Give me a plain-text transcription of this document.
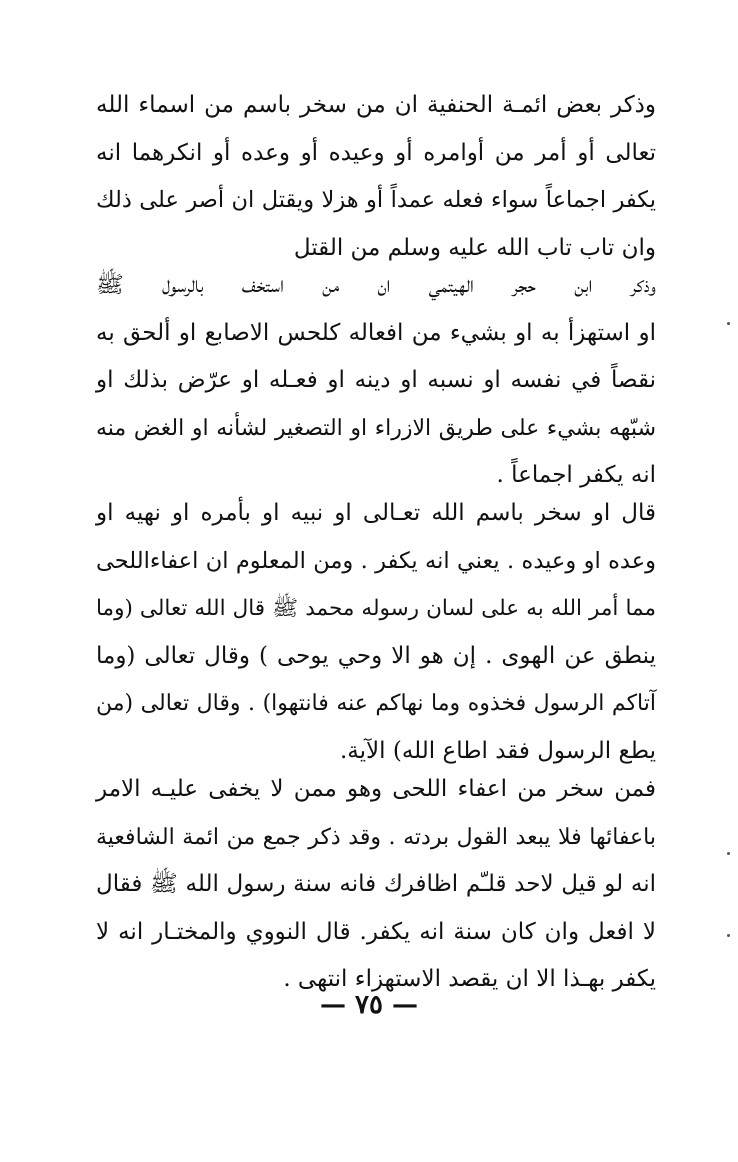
وذكر بعض ائمـة الحنفية ان من سخر باسم من اسماء الله
تعالى أو أمر من أوامره أو وعيده أو وعده أو انكرهما انه
يكفر اجماعاً سواء فعله عمداً أو هزلا ويقتل ان أصر على ذلك
وان تاب تاب الله عليه وسلم من القتل

وذكر ابن حجر الهيتمي ان من استخف بالرسول ﷺ
او استهزأ به او بشيء من افعاله كلحس الاصابع او ألحق به
نقصاً في نفسه او نسبه او دينه او فعـله او عرّض بذلك او
شبّهه بشيء على طريق الازراء او التصغير لشأنه او الغض منه
انه يكفر اجماعاً .

قال او سخر باسم الله تعـالى او نبيه او بأمره او نهيه او
وعده او وعيده . يعني انه يكفر . ومن المعلوم ان اعفاءاللحى
مما أمر الله به على لسان رسوله محمد ﷺ قال الله تعالى (وما
ينطق عن الهوى . إن هو الا وحي يوحى ) وقال تعالى (وما
آتاكم الرسول فخذوه وما نهاكم عنه فانتهوا) . وقال تعالى (من
يطع الرسول فقد اطاع الله) الآية.

فمن سخر من اعفاء اللحى وهو ممن لا يخفى عليـه الامر
باعفائها فلا يبعد القول بردته . وقد ذكر جمع من ائمة الشافعية
انه لو قيل لاحد قلـّم اظافرك فانه سنة رسول الله ﷺ فقال
لا افعل وان كان سنة انه يكفر. قال النووي والمختـار انه لا
يكفر بهـذا الا ان يقصد الاستهزاء انتهى .

— ٧٥ —
